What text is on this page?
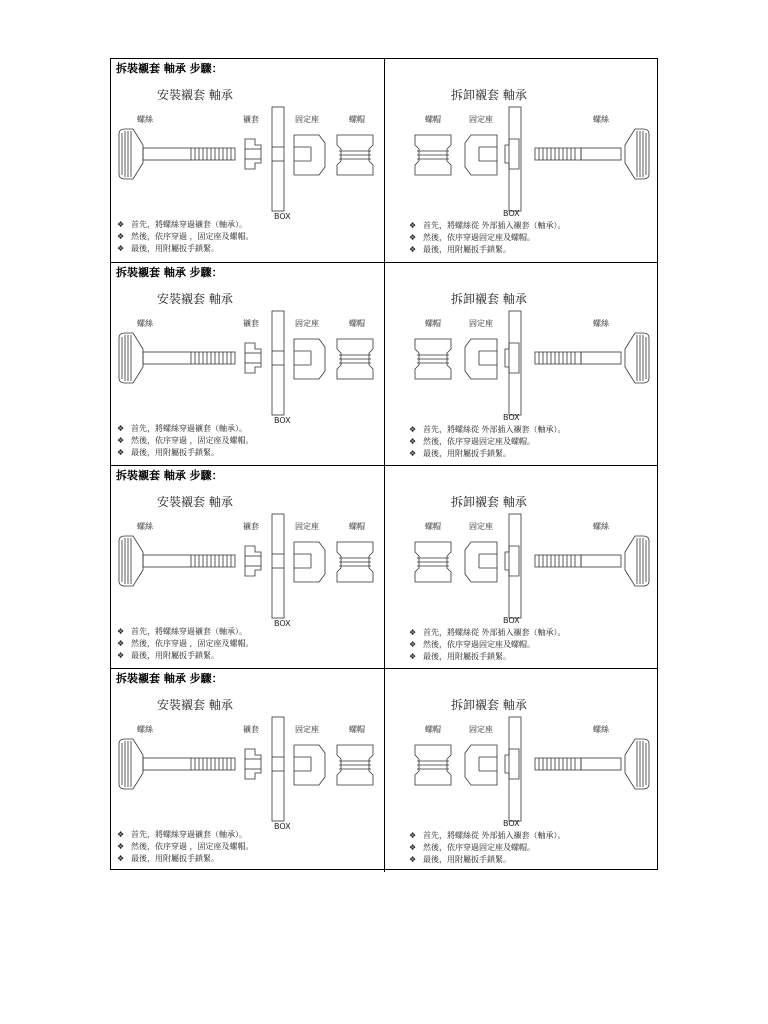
拆裝襯套 軸承 步驟：
安裝襯套 軸承
螺絲	襯套	固定座	螺帽
BOX
❖ 首先，將螺絲穿過襯套（軸承）。
❖ 然後，依序穿過 ，固定座及螺帽。
❖ 最後，用附屬扳手鎖緊。
拆卸襯套 軸承
螺帽	固定座	螺絲
BOX
❖ 首先，將螺絲從 外部插入襯套（軸承）。
❖ 然後，依序穿過固定座及螺帽。
❖ 最後，用附屬扳手鎖緊。
拆裝襯套 軸承 步驟：
安裝襯套 軸承
螺絲	襯套	固定座	螺帽
BOX
❖ 首先，將螺絲穿過襯套（軸承）。
❖ 然後，依序穿過 ，固定座及螺帽。
❖ 最後，用附屬扳手鎖緊。
拆卸襯套 軸承
螺帽	固定座	螺絲
BOX
❖ 首先，將螺絲從 外部插入襯套（軸承）。
❖ 然後，依序穿過固定座及螺帽。
❖ 最後，用附屬扳手鎖緊。
拆裝襯套 軸承 步驟：
安裝襯套 軸承
螺絲	襯套	固定座	螺帽
BOX
❖ 首先，將螺絲穿過襯套（軸承）。
❖ 然後，依序穿過 ，固定座及螺帽。
❖ 最後，用附屬扳手鎖緊。
拆卸襯套 軸承
螺帽	固定座	螺絲
BOX
❖ 首先，將螺絲從 外部插入襯套（軸承）。
❖ 然後，依序穿過固定座及螺帽。
❖ 最後，用附屬扳手鎖緊。
拆裝襯套 軸承 步驟：
安裝襯套 軸承
螺絲	襯套	固定座	螺帽
BOX
❖ 首先，將螺絲穿過襯套（軸承）。
❖ 然後，依序穿過 ，固定座及螺帽。
❖ 最後，用附屬扳手鎖緊。
拆卸襯套 軸承
螺帽	固定座	螺絲
BOX
❖ 首先，將螺絲從 外部插入襯套（軸承）。
❖ 然後，依序穿過固定座及螺帽。
❖ 最後，用附屬扳手鎖緊。
